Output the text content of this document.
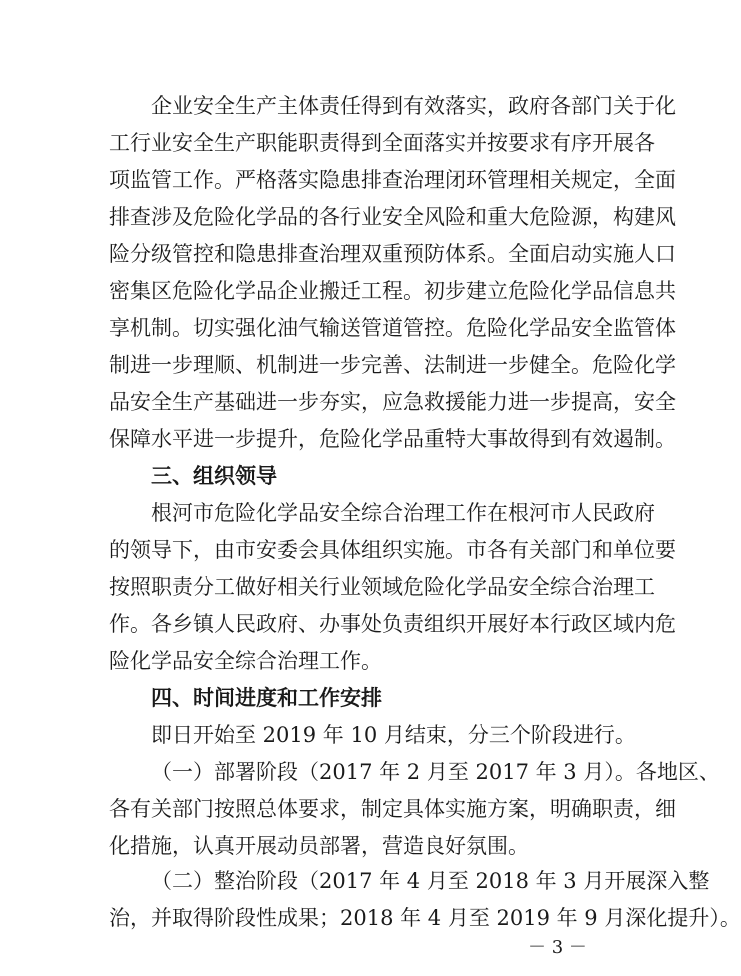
企业安全生产主体责任得到有效落实，政府各部门关于化
工行业安全生产职能职责得到全面落实并按要求有序开展各
项监管工作。严格落实隐患排查治理闭环管理相关规定，全面
排查涉及危险化学品的各行业安全风险和重大危险源，构建风
险分级管控和隐患排查治理双重预防体系。全面启动实施人口
密集区危险化学品企业搬迁工程。初步建立危险化学品信息共
享机制。切实强化油气输送管道管控。危险化学品安全监管体
制进一步理顺、机制进一步完善、法制进一步健全。危险化学
品安全生产基础进一步夯实，应急救援能力进一步提高，安全
保障水平进一步提升，危险化学品重特大事故得到有效遏制。
三、组织领导
根河市危险化学品安全综合治理工作在根河市人民政府
的领导下，由市安委会具体组织实施。市各有关部门和单位要
按照职责分工做好相关行业领域危险化学品安全综合治理工
作。各乡镇人民政府、办事处负责组织开展好本行政区域内危
险化学品安全综合治理工作。
四、时间进度和工作安排
即日开始至 2019 年 10 月结束，分三个阶段进行。
（一）部署阶段（2017 年 2 月至 2017 年 3 月）。各地区、
各有关部门按照总体要求，制定具体实施方案，明确职责，细
化措施，认真开展动员部署，营造良好氛围。
（二）整治阶段（2017 年 4 月至 2018 年 3 月开展深入整
治，并取得阶段性成果；2018 年 4 月至 2019 年 9 月深化提升）。
－ 3 －
